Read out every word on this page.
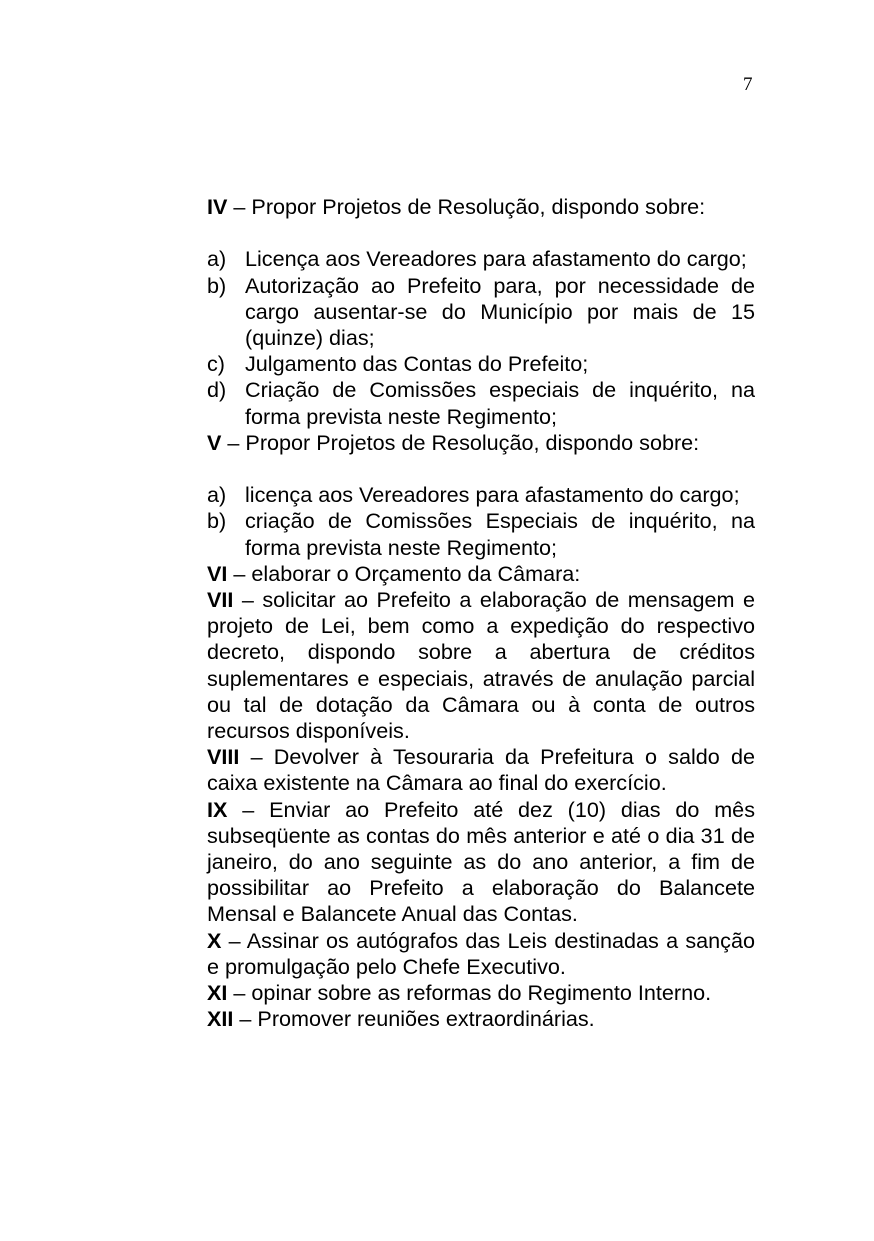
7

IV – Propor Projetos de Resolução, dispondo sobre:

a) Licença aos Vereadores para afastamento do cargo;
b) Autorização ao Prefeito para, por necessidade de cargo ausentar-se do Município por mais de 15 (quinze) dias;
c) Julgamento das Contas do Prefeito;
d) Criação de Comissões especiais de inquérito, na forma prevista neste Regimento;

V – Propor Projetos de Resolução, dispondo sobre:

a) licença aos Vereadores para afastamento do cargo;
b) criação de Comissões Especiais de inquérito, na forma prevista neste Regimento;

VI – elaborar o Orçamento da Câmara:

VII – solicitar ao Prefeito a elaboração de mensagem e projeto de Lei, bem como a expedição do respectivo decreto, dispondo sobre a abertura de créditos suplementares e especiais, através de anulação parcial ou tal de dotação da Câmara ou à conta de outros recursos disponíveis.

VIII – Devolver à Tesouraria da Prefeitura o saldo de caixa existente na Câmara ao final do exercício.

IX – Enviar ao Prefeito até dez (10) dias do mês subseqüente as contas do mês anterior e até o dia 31 de janeiro, do ano seguinte as do ano anterior, a fim de possibilitar ao Prefeito a elaboração do Balancete Mensal e Balancete Anual das Contas.

X – Assinar os autógrafos das Leis destinadas a sanção e promulgação pelo Chefe Executivo.

XI – opinar sobre as reformas do Regimento Interno.

XII – Promover reuniões extraordinárias.
